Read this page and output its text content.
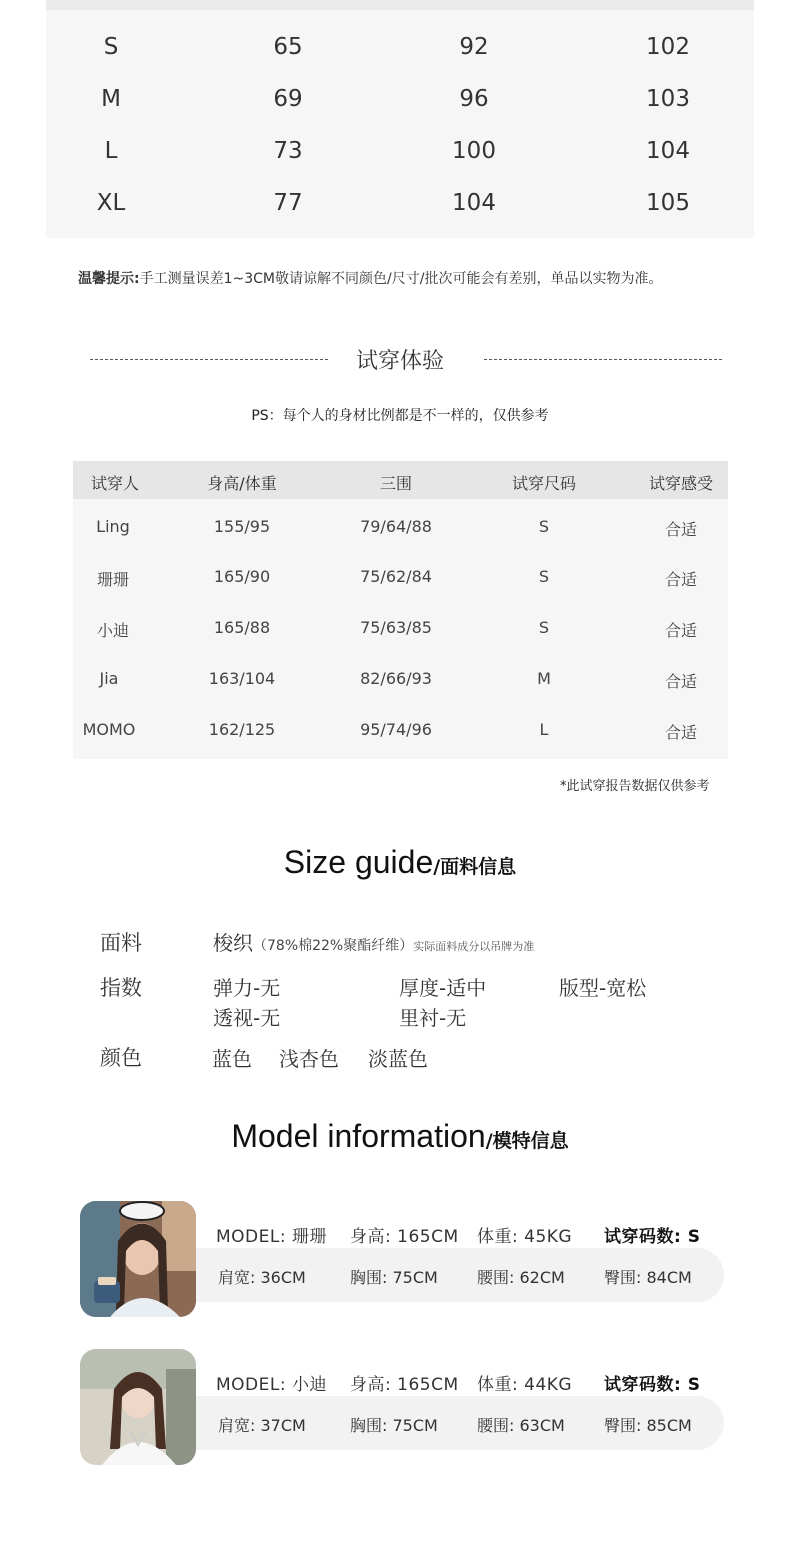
S	65	92	102
M	69	96	103
L	73	100	104
XL	77	104	105
温馨提示:手工测量误差1~3CM敬请谅解不同颜色/尺寸/批次可能会有差别，单品以实物为准。
试穿体验
PS：每个人的身材比例都是不一样的，仅供参考
试穿人	身高/体重	三围	试穿尺码	试穿感受
Ling	155/95	79/64/88	S	合适
珊珊	165/90	75/62/84	S	合适
小迪	165/88	75/63/85	S	合适
Jia	163/104	82/66/93	M	合适
MOMO	162/125	95/74/96	L	合适
*此试穿报告数据仅供参考
Size guide/面料信息
面料	梭织（78%棉22%聚酯纤维）实际面料成分以吊牌为准
指数	弹力-无	厚度-适中	版型-宽松
透视-无	里衬-无
颜色	蓝色 浅杏色 淡蓝色
Model information/模特信息
MODEL: 珊珊 身高: 165CM 体重: 45KG 试穿码数: S
肩宽: 36CM	胸围: 75CM 腰围: 62CM 臀围: 84CM
MODEL: 小迪 身高: 165CM 体重: 44KG 试穿码数: S
肩宽: 37CM	胸围: 75CM 腰围: 63CM 臀围: 85CM
